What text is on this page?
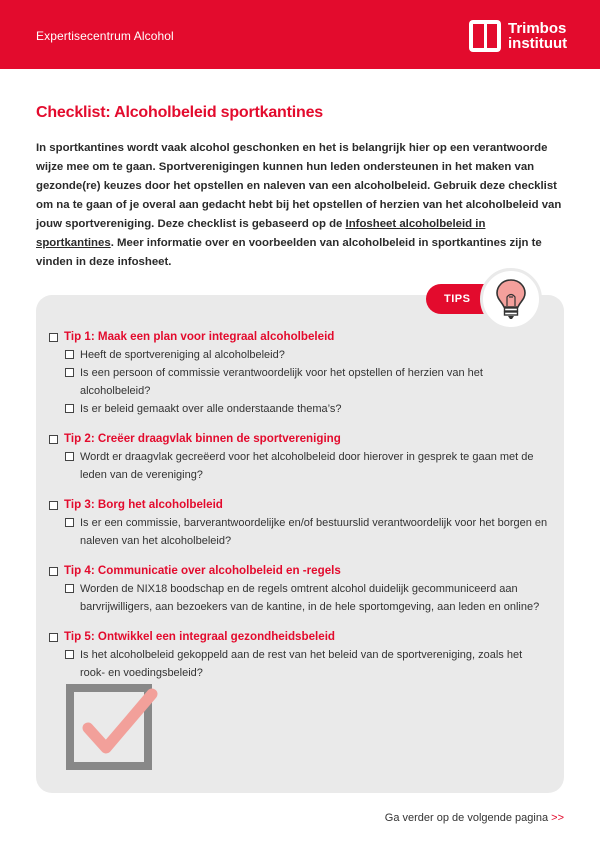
Expertisecentrum Alcohol	Trimbos
instituut
Checklist: Alcoholbeleid sportkantines
In sportkantines wordt vaak alcohol geschonken en het is belangrijk hier op een verantwoorde wijze mee om te gaan. Sportverenigingen kunnen hun leden ondersteunen in het maken van gezonde(re) keuzes door het opstellen en naleven van een alcoholbeleid. Gebruik deze checklist om na te gaan of je overal aan gedacht hebt bij het opstellen of herzien van het alcoholbeleid van jouw sportvereniging. Deze checklist is gebaseerd op de Infosheet alcoholbeleid in sportkantines. Meer informatie over en voorbeelden van alcoholbeleid in sportkantines zijn te vinden in deze infosheet.
TIPS
Tip 1: Maak een plan voor integraal alcoholbeleid
Heeft de sportvereniging al alcoholbeleid?
Is een persoon of commissie verantwoordelijk voor het opstellen of herzien van het alcoholbeleid?
Is er beleid gemaakt over alle onderstaande thema’s?
Tip 2: Creëer draagvlak binnen de sportvereniging
Wordt er draagvlak gecreëerd voor het alcoholbeleid door hierover in gesprek te gaan met de leden van de vereniging?
Tip 3: Borg het alcoholbeleid
Is er een commissie, barverantwoordelijke en/of bestuurslid verantwoordelijk voor het borgen en naleven van het alcoholbeleid?
Tip 4: Communicatie over alcoholbeleid en -regels
Worden de NIX18 boodschap en de regels omtrent alcohol duidelijk gecommuniceerd aan barvrijwilligers, aan bezoekers van de kantine, in de hele sportomgeving, aan leden en online?
Tip 5: Ontwikkel een integraal gezondheidsbeleid
Is het alcoholbeleid gekoppeld aan de rest van het beleid van de sportvereniging, zoals het rook- en voedingsbeleid?
Ga verder op de volgende pagina >>
